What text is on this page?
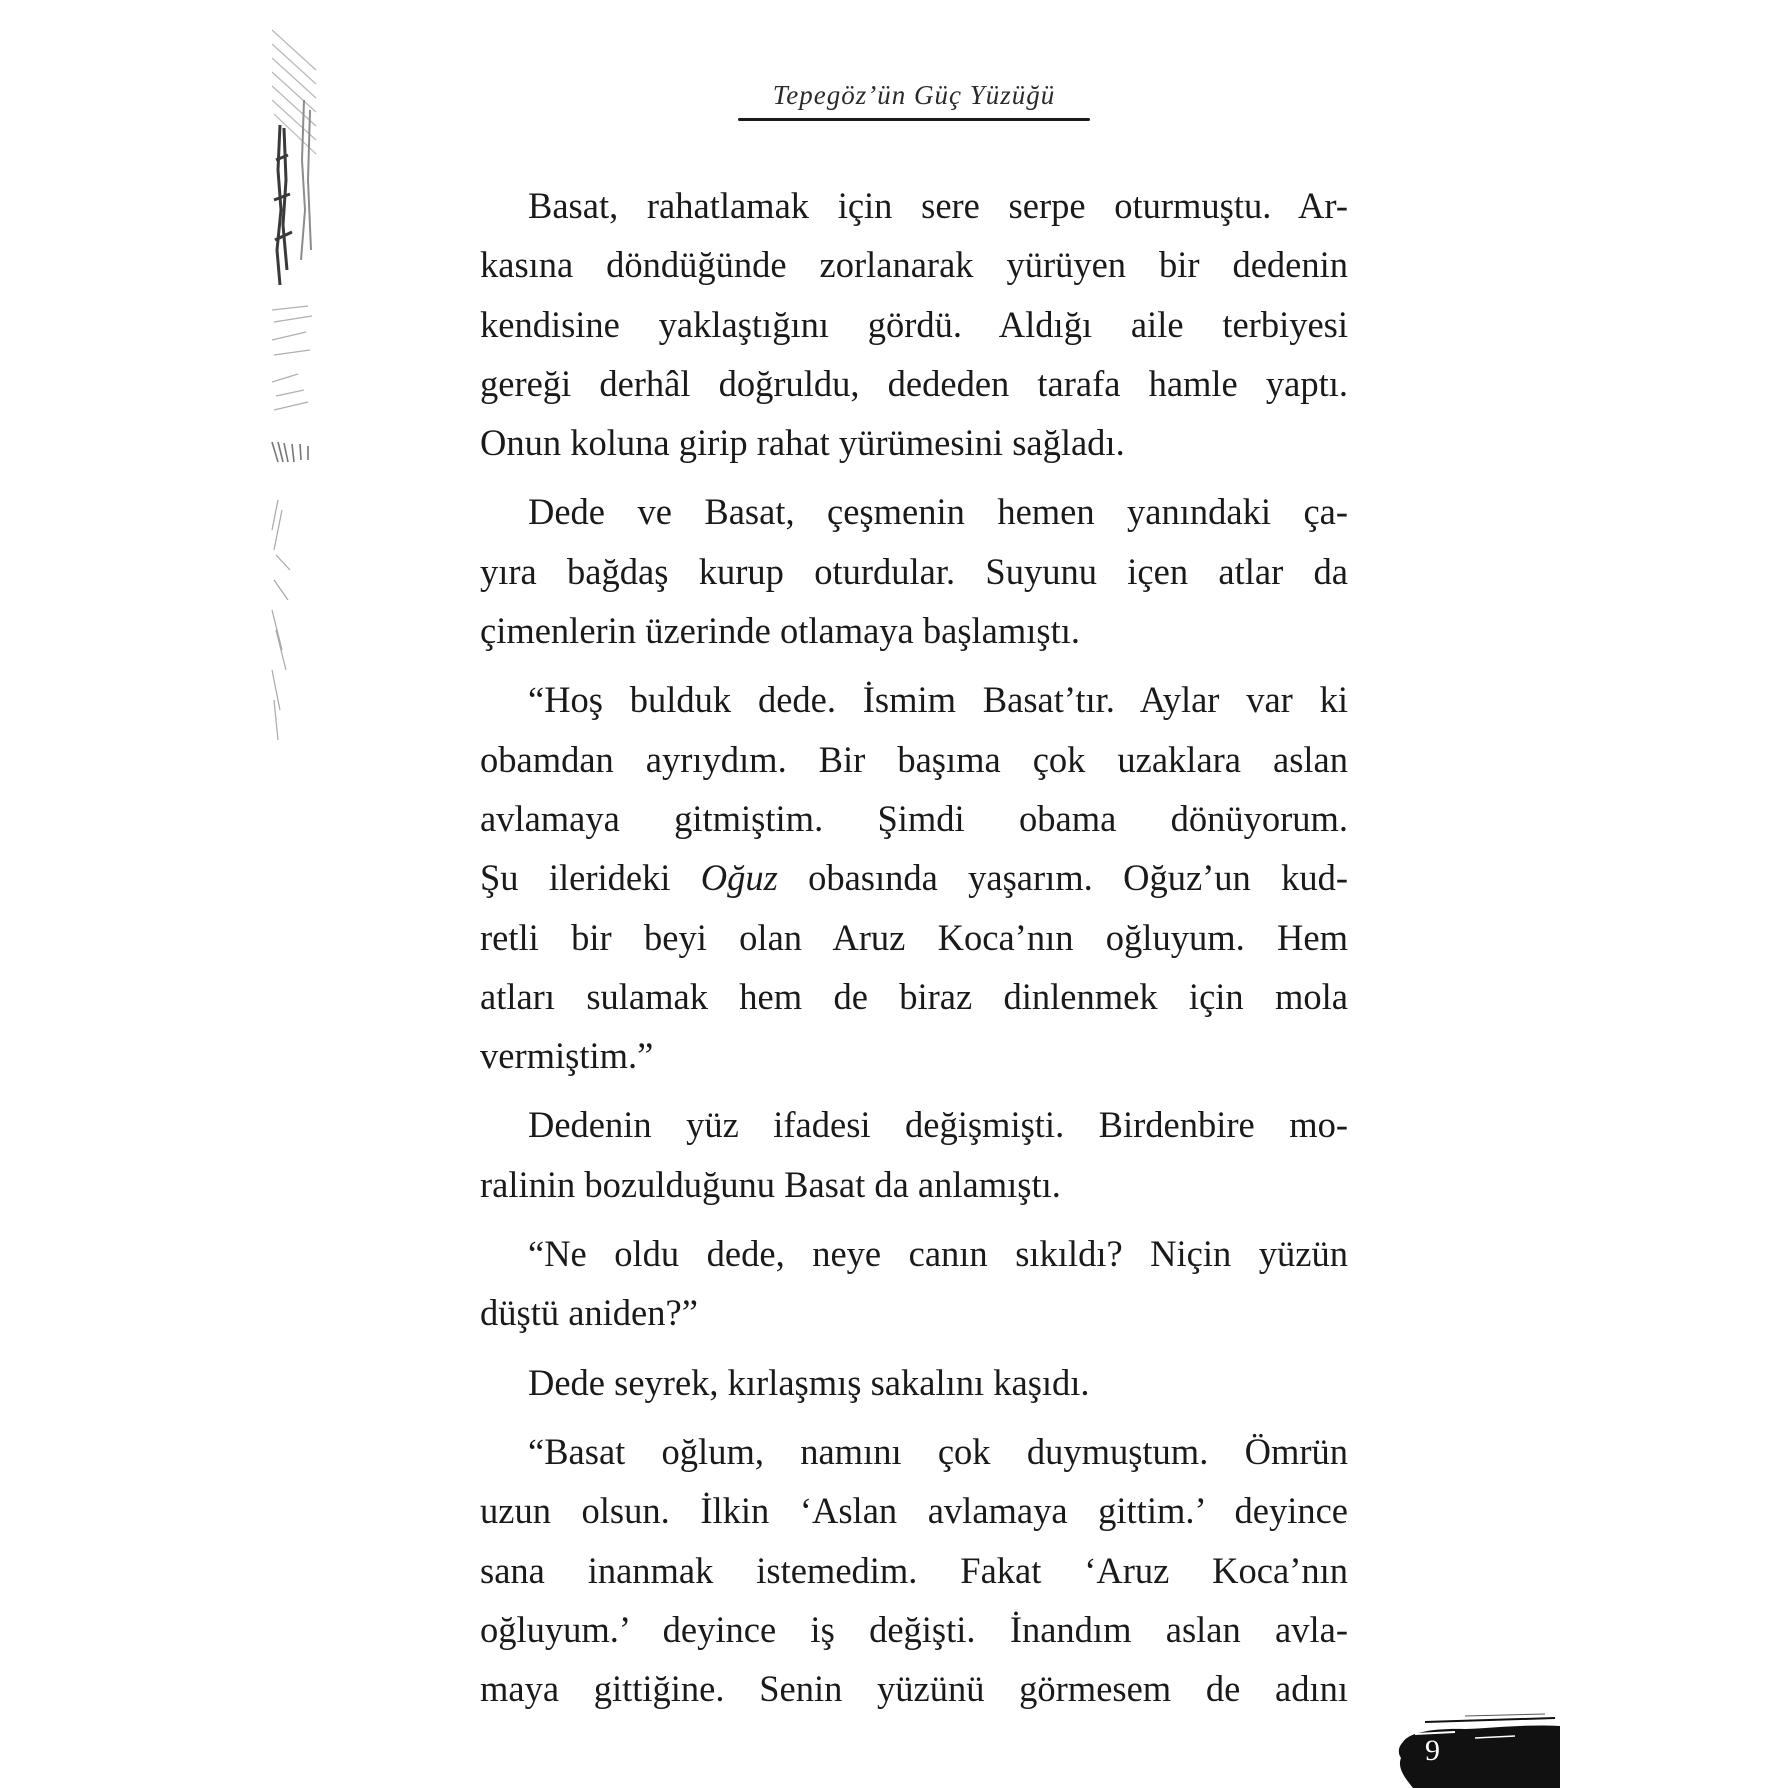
Tepegöz’ün Güç Yüzüğü

Basat, rahatlamak için sere serpe oturmuştu. Ar-
kasına döndüğünde zorlanarak yürüyen bir dedenin
kendisine yaklaştığını gördü. Aldığı aile terbiyesi
gereği derhâl doğruldu, dededen tarafa hamle yaptı.
Onun koluna girip rahat yürümesini sağladı.

Dede ve Basat, çeşmenin hemen yanındaki ça-
yıra bağdaş kurup oturdular. Suyunu içen atlar da
çimenlerin üzerinde otlamaya başlamıştı.

“Hoş bulduk dede. İsmim Basat’tır. Aylar var ki
obamdan ayrıydım. Bir başıma çok uzaklara aslan
avlamaya gitmiştim. Şimdi obama dönüyorum.
Şu ilerideki Oğuz obasında yaşarım. Oğuz’un kud-
retli bir beyi olan Aruz Koca’nın oğluyum. Hem
atları sulamak hem de biraz dinlenmek için mola
vermiştim.”

Dedenin yüz ifadesi değişmişti. Birdenbire mo-
ralinin bozulduğunu Basat da anlamıştı.

“Ne oldu dede, neye canın sıkıldı? Niçin yüzün
düştü aniden?”

Dede seyrek, kırlaşmış sakalını kaşıdı.

“Basat oğlum, namını çok duymuştum. Ömrün
uzun olsun. İlkin ‘Aslan avlamaya gittim.’ deyince
sana inanmak istemedim. Fakat ‘Aruz Koca’nın
oğluyum.’ deyince iş değişti. İnandım aslan avla-
maya gittiğine. Senin yüzünü görmesem de adını

9
